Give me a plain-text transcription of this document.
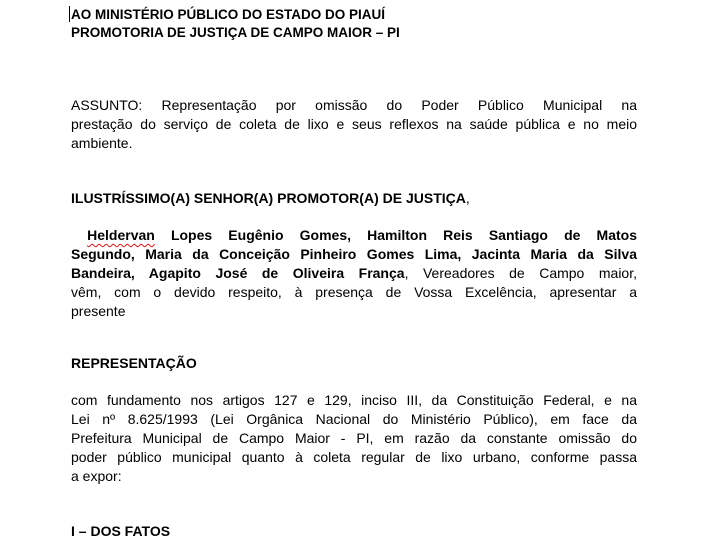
AO MINISTÉRIO PÚBLICO DO ESTADO DO PIAUÍ
PROMOTORIA DE JUSTIÇA DE CAMPO MAIOR – PI
ASSUNTO: Representação por omissão do Poder Público Municipal na
prestação do serviço de coleta de lixo e seus reflexos na saúde pública e no meio
ambiente.
ILUSTRÍSSIMO(A) SENHOR(A) PROMOTOR(A) DE JUSTIÇA,
Heldervan Lopes Eugênio Gomes, Hamilton Reis Santiago de Matos
Segundo, Maria da Conceição Pinheiro Gomes Lima, Jacinta Maria da Silva
Bandeira, Agapito José de Oliveira França, Vereadores de Campo maior,
vêm, com o devido respeito, à presença de Vossa Excelência, apresentar a
presente
REPRESENTAÇÃO
com fundamento nos artigos 127 e 129, inciso III, da Constituição Federal, e na
Lei nº 8.625/1993 (Lei Orgânica Nacional do Ministério Público), em face da
Prefeitura Municipal de Campo Maior - PI, em razão da constante omissão do
poder público municipal quanto à coleta regular de lixo urbano, conforme passa
a expor:
I – DOS FATOS
